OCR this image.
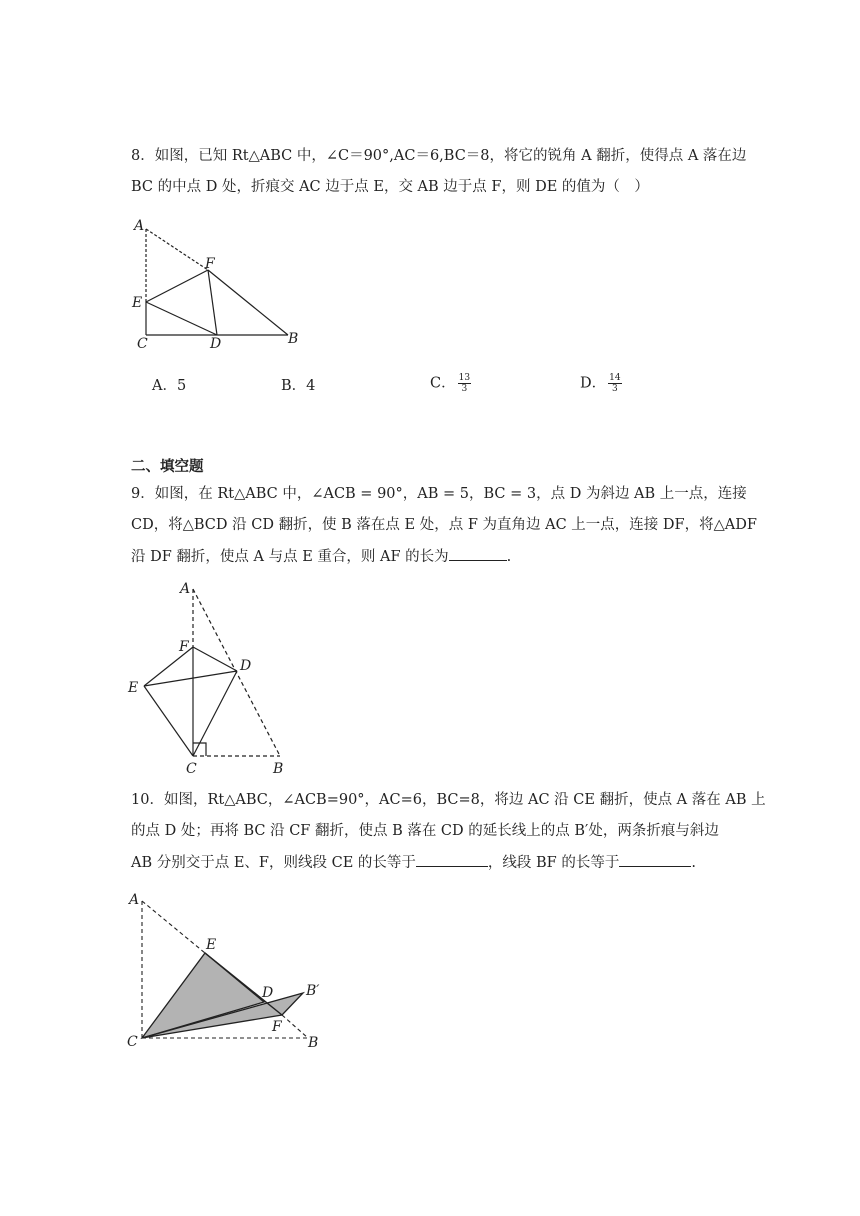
8．如图，已知 Rt△ABC 中，∠C＝90°,AC＝6,BC＝8，将它的锐角 A 翻折，使得点 A 落在边
BC 的中点 D 处，折痕交 AC 边于点 E，交 AB 边于点 F，则 DE 的值为（　）
A
F
E
C	D	B
A
F
D
E
C	B
A
E
D B′
F
C	B
A．5	B．4	C． $\frac{13}{3}$	D． $\frac{14}{3}$
二、填空题
9．如图，在 Rt△ABC 中，∠ACB = 90°，AB = 5，BC = 3，点 D 为斜边 AB 上一点，连接
CD，将△BCD 沿 CD 翻折，使 B 落在点 E 处，点 F 为直角边 AC 上一点，连接 DF，将△ADF
沿 DF 翻折，使点 A 与点 E 重合，则 AF 的长为	.
10．如图，Rt△ABC，∠ACB=90°，AC=6，BC=8，将边 AC 沿 CE 翻折，使点 A 落在 AB 上
的点 D 处；再将 BC 沿 CF 翻折，使点 B 落在 CD 的延长线上的点 B′处，两条折痕与斜边
AB 分别交于点 E、F，则线段 CE 的长等于	，线段 BF 的长等于	.
